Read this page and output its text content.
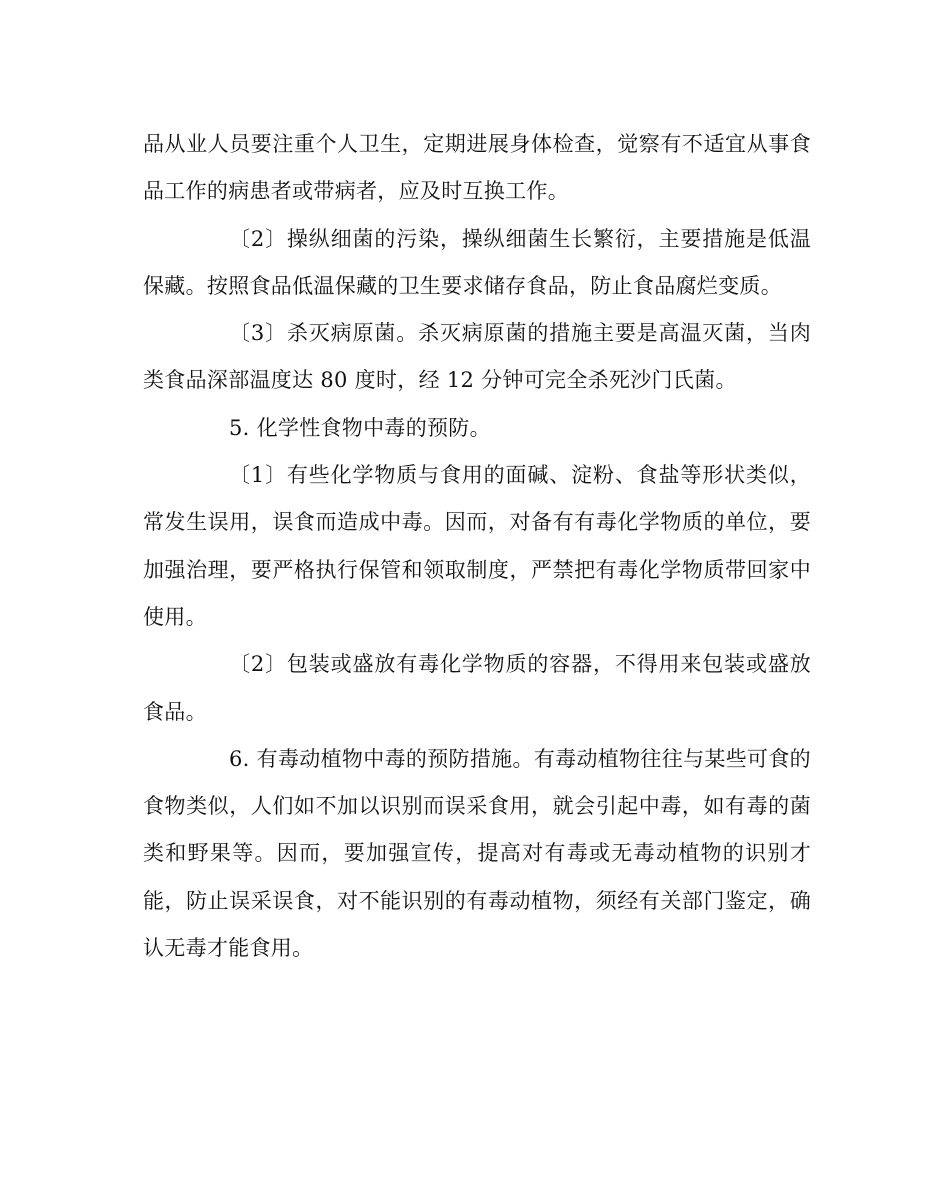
品从业人员要注重个人卫生，定期进展身体检查，觉察有不适宜从事食品工作的病患者或带病者，应及时互换工作。

〔2〕操纵细菌的污染，操纵细菌生长繁衍，主要措施是低温保藏。按照食品低温保藏的卫生要求储存食品，防止食品腐烂变质。

〔3〕杀灭病原菌。杀灭病原菌的措施主要是高温灭菌，当肉类食品深部温度达 80 度时，经 12 分钟可完全杀死沙门氏菌。

5. 化学性食物中毒的预防。

〔1〕有些化学物质与食用的面碱、淀粉、食盐等形状类似，常发生误用，误食而造成中毒。因而，对备有有毒化学物质的单位，要加强治理，要严格执行保管和领取制度，严禁把有毒化学物质带回家中使用。

〔2〕包装或盛放有毒化学物质的容器，不得用来包装或盛放食品。

6. 有毒动植物中毒的预防措施。有毒动植物往往与某些可食的食物类似，人们如不加以识别而误采食用，就会引起中毒，如有毒的菌类和野果等。因而，要加强宣传，提高对有毒或无毒动植物的识别才能，防止误采误食，对不能识别的有毒动植物，须经有关部门鉴定，确认无毒才能食用。
